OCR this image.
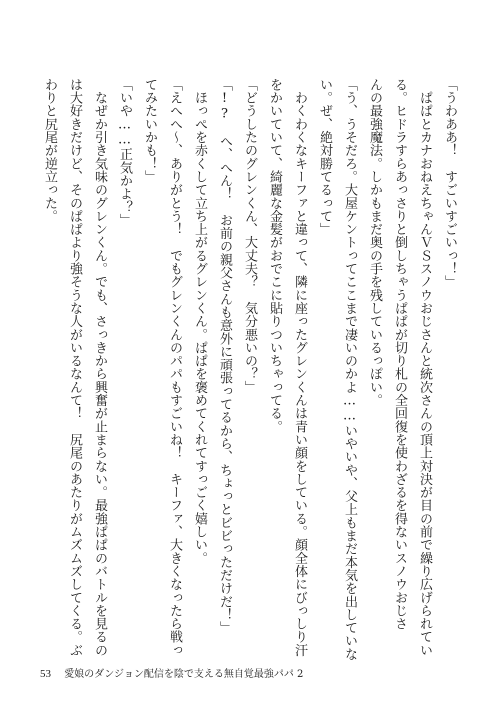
「うわああ！　すごいすごいっ！」
　ぱぱとカナおねえちゃんＶＳスノウおじさんと統次さんの頂上対決が目の前で繰り広げられてい
る。ヒドラすらあっさりと倒しちゃうぱぱが切り札の全回復を使わざるを得ないスノウおじさ
んの最強魔法。しかもまだ奥の手を残しているっぽい。
「う、うそだろ。大屋ケントってここまで凄いのかよ……いやいや、父上もまだ本気を出していな
い。ぜ、絶対勝てるって」
　わくわくなキーファと違って、隣に座ったグレンくんは青い顔をしている。顔全体にびっしり汗
をかいていて、綺麗な金髪がおでこに貼りついちゃってる。
「どうしたのグレンくん、大丈夫？　気分悪いの？」
「!?　へ、へん！　お前の親父さんも意外に頑張ってるから、ちょっとビビっただけだ！」
　ほっぺを赤くして立ち上がるグレンくん。ぱぱを褒めてくれてすっごく嬉しい。
「えへへ〜、ありがとう！　でもグレンくんのパパもすごいね！　キーファ、大きくなったら戦っ
てみたいかも！」
「いや……正気かよ？」
　なぜか引き気味のグレンくん。でも、さっきから興奮が止まらない。最強ぱぱのバトルを見るの
は大好きだけど、そのぱぱより強そうな人がいるなんて！　尻尾のあたりがムズムズしてくる。ぶ
わりと尻尾が逆立った。
53 愛娘のダンジョン配信を陰で支える無自覚最強パパ 2
